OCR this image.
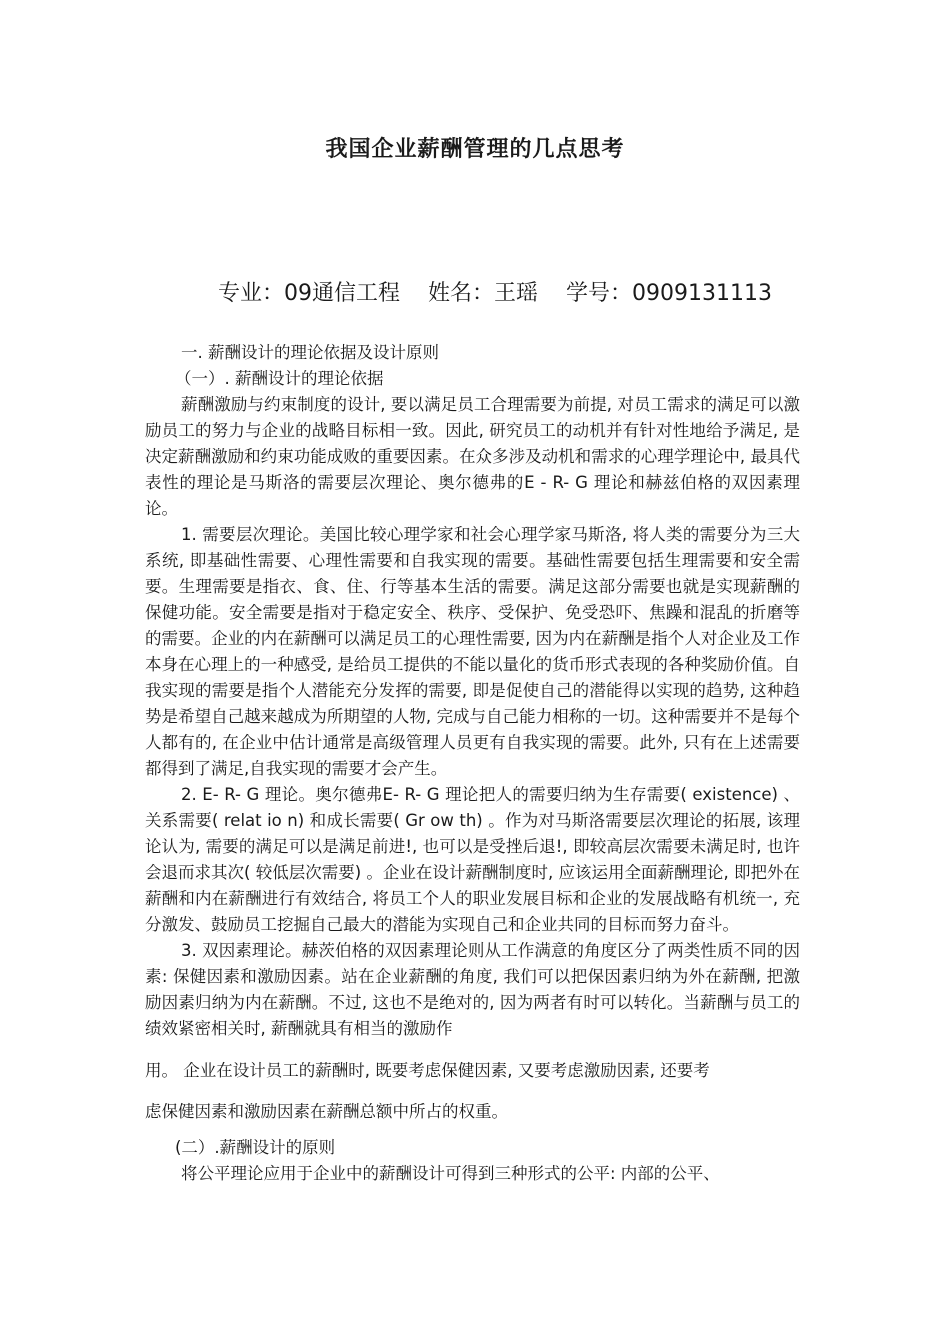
我国企业薪酬管理的几点思考
专业：09通信工程    姓名：王瑶    学号：0909131113

一. 薪酬设计的理论依据及设计原则

（一）. 薪酬设计的理论依据

薪酬激励与约束制度的设计, 要以满足员工合理需要为前提, 对员工需求的满足可以激励员工的努力与企业的战略目标相一致。因此, 研究员工的动机并有针对性地给予满足, 是决定薪酬激励和约束功能成败的重要因素。在众多涉及动机和需求的心理学理论中, 最具代表性的理论是马斯洛的需要层次理论、奥尔德弗的E - R- G 理论和赫兹伯格的双因素理论。

1. 需要层次理论。美国比较心理学家和社会心理学家马斯洛, 将人类的需要分为三大系统, 即基础性需要、心理性需要和自我实现的需要。基础性需要包括生理需要和安全需要。生理需要是指衣、食、住、行等基本生活的需要。满足这部分需要也就是实现薪酬的保健功能。安全需要是指对于稳定安全、秩序、受保护、免受恐吓、焦躁和混乱的折磨等的需要。企业的内在薪酬可以满足员工的心理性需要, 因为内在薪酬是指个人对企业及工作本身在心理上的一种感受, 是给员工提供的不能以量化的货币形式表现的各种奖励价值。自我实现的需要是指个人潜能充分发挥的需要, 即是促使自己的潜能得以实现的趋势, 这种趋势是希望自己越来越成为所期望的人物, 完成与自己能力相称的一切。这种需要并不是每个人都有的, 在企业中估计通常是高级管理人员更有自我实现的需要。此外, 只有在上述需要都得到了满足,自我实现的需要才会产生。

2. E- R- G 理论。奥尔德弗E- R- G 理论把人的需要归纳为生存需要( existence) 、关系需要( relat io n) 和成长需要( Gr ow th) 。作为对马斯洛需要层次理论的拓展, 该理论认为, 需要的满足可以是满足前进!, 也可以是受挫后退!, 即较高层次需要未满足时, 也许会退而求其次( 较低层次需要) 。企业在设计薪酬制度时, 应该运用全面薪酬理论, 即把外在薪酬和内在薪酬进行有效结合, 将员工个人的职业发展目标和企业的发展战略有机统一, 充分激发、鼓励员工挖掘自己最大的潜能为实现自己和企业共同的目标而努力奋斗。

3. 双因素理论。赫茨伯格的双因素理论则从工作满意的角度区分了两类性质不同的因素: 保健因素和激励因素。站在企业薪酬的角度, 我们可以把保因素归纳为外在薪酬, 把激励因素归纳为内在薪酬。不过, 这也不是绝对的, 因为两者有时可以转化。当薪酬与员工的绩效紧密相关时, 薪酬就具有相当的激励作

用。 企业在设计员工的薪酬时, 既要考虑保健因素, 又要考虑激励因素, 还要考

虑保健因素和激励因素在薪酬总额中所占的权重。

(二）.薪酬设计的原则

将公平理论应用于企业中的薪酬设计可得到三种形式的公平: 内部的公平、
